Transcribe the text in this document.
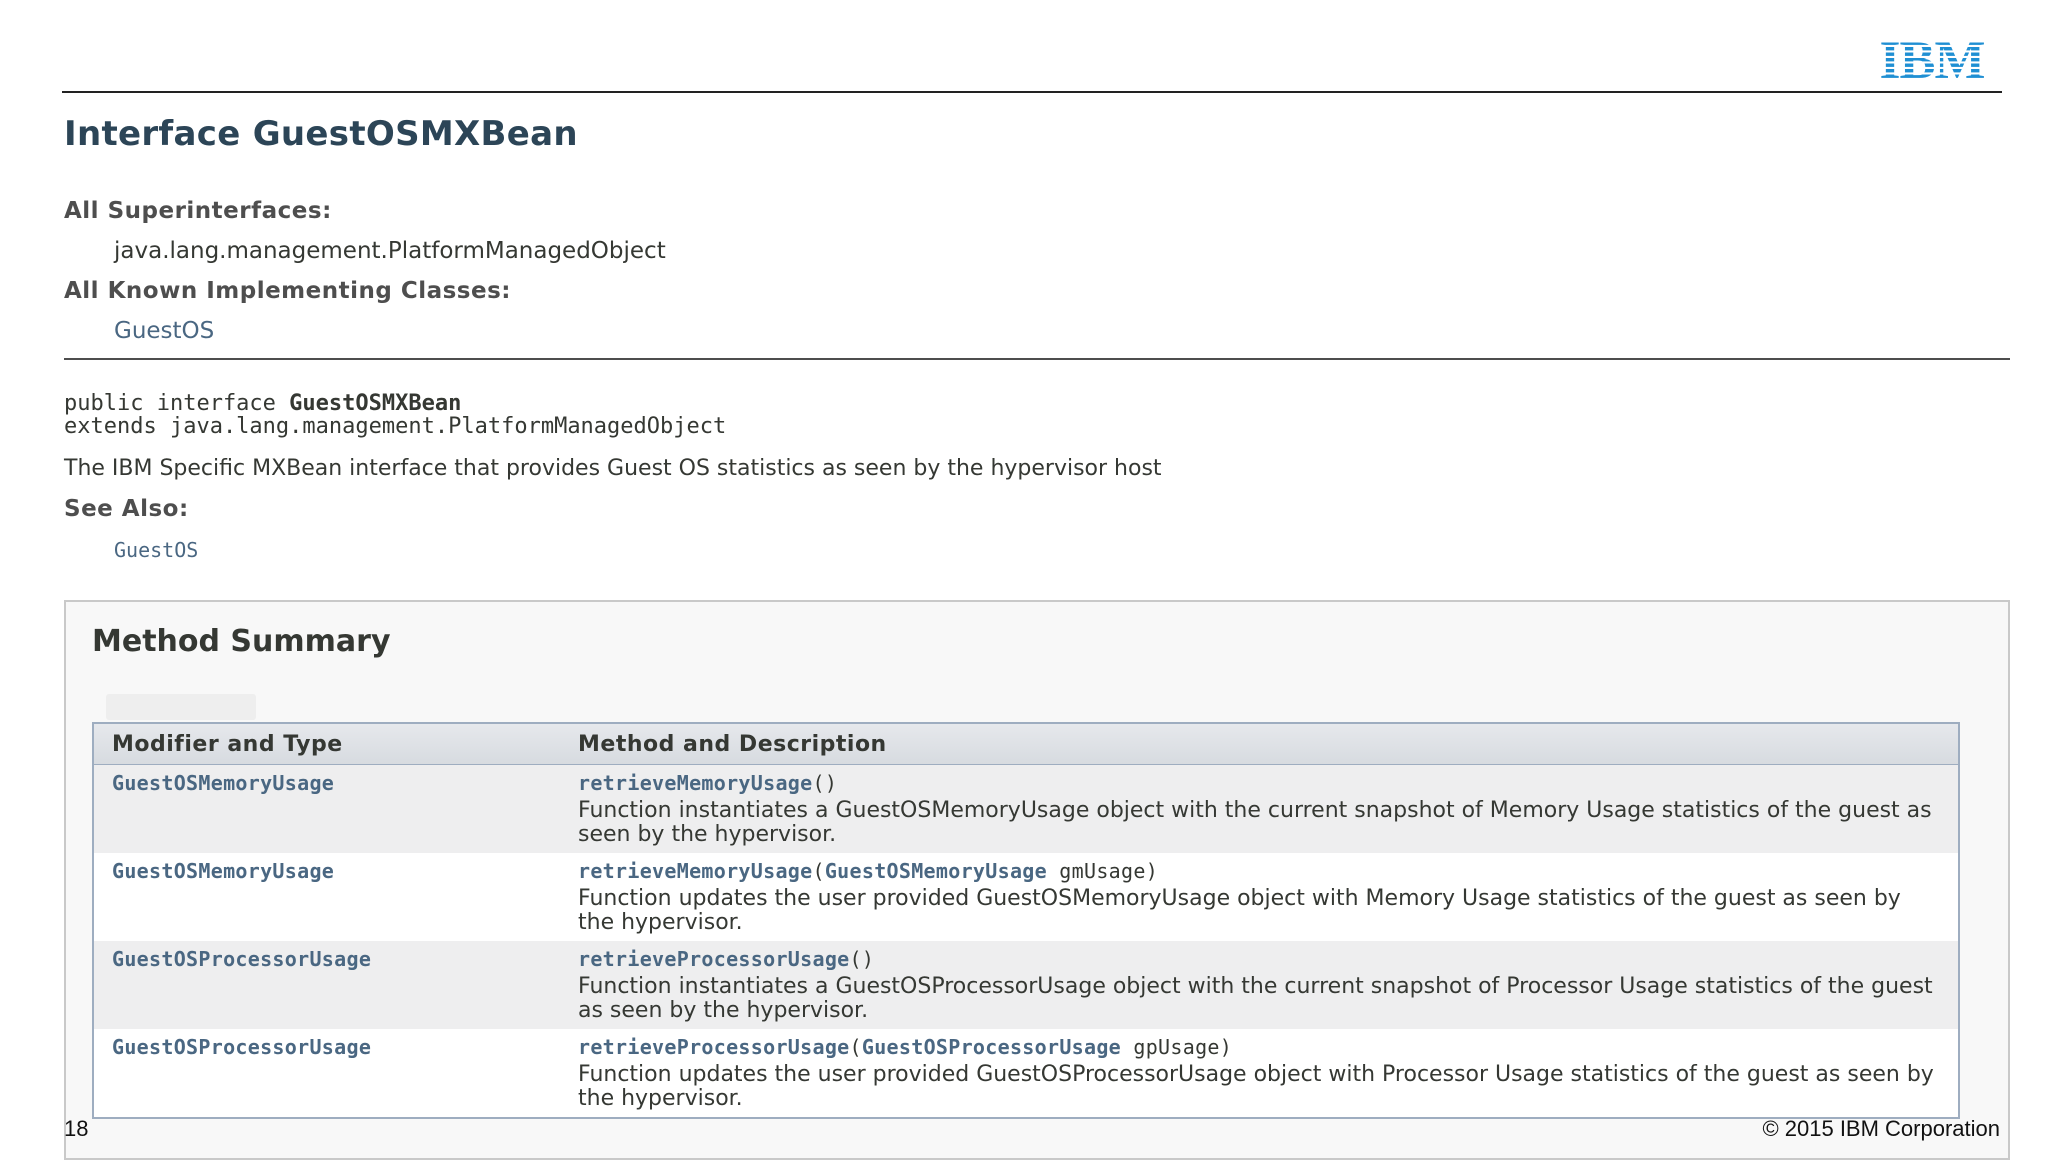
IBM
Interface GuestOSMXBean
All Superinterfaces:
java.lang.management.PlatformManagedObject
All Known Implementing Classes:
GuestOS
public interface GuestOSMXBean
extends java.lang.management.PlatformManagedObject
The IBM Specific MXBean interface that provides Guest OS statistics as seen by the hypervisor host
See Also:
GuestOS
Method Summary
Modifier and Type	Method and Description
GuestOSMemoryUsage	retrieveMemoryUsage()
Function instantiates a GuestOSMemoryUsage object with the current snapshot of Memory Usage statistics of the guest as seen by the hypervisor.

GuestOSMemoryUsage	retrieveMemoryUsage(GuestOSMemoryUsage gmUsage)
Function updates the user provided GuestOSMemoryUsage object with Memory Usage statistics of the guest as seen by the hypervisor.

GuestOSProcessorUsage	retrieveProcessorUsage()
Function instantiates a GuestOSProcessorUsage object with the current snapshot of Processor Usage statistics of the guest as seen by the hypervisor.

GuestOSProcessorUsage	retrieveProcessorUsage(GuestOSProcessorUsage gpUsage)
Function updates the user provided GuestOSProcessorUsage object with Processor Usage statistics of the guest as seen by the hypervisor.
18	© 2015 IBM Corporation
